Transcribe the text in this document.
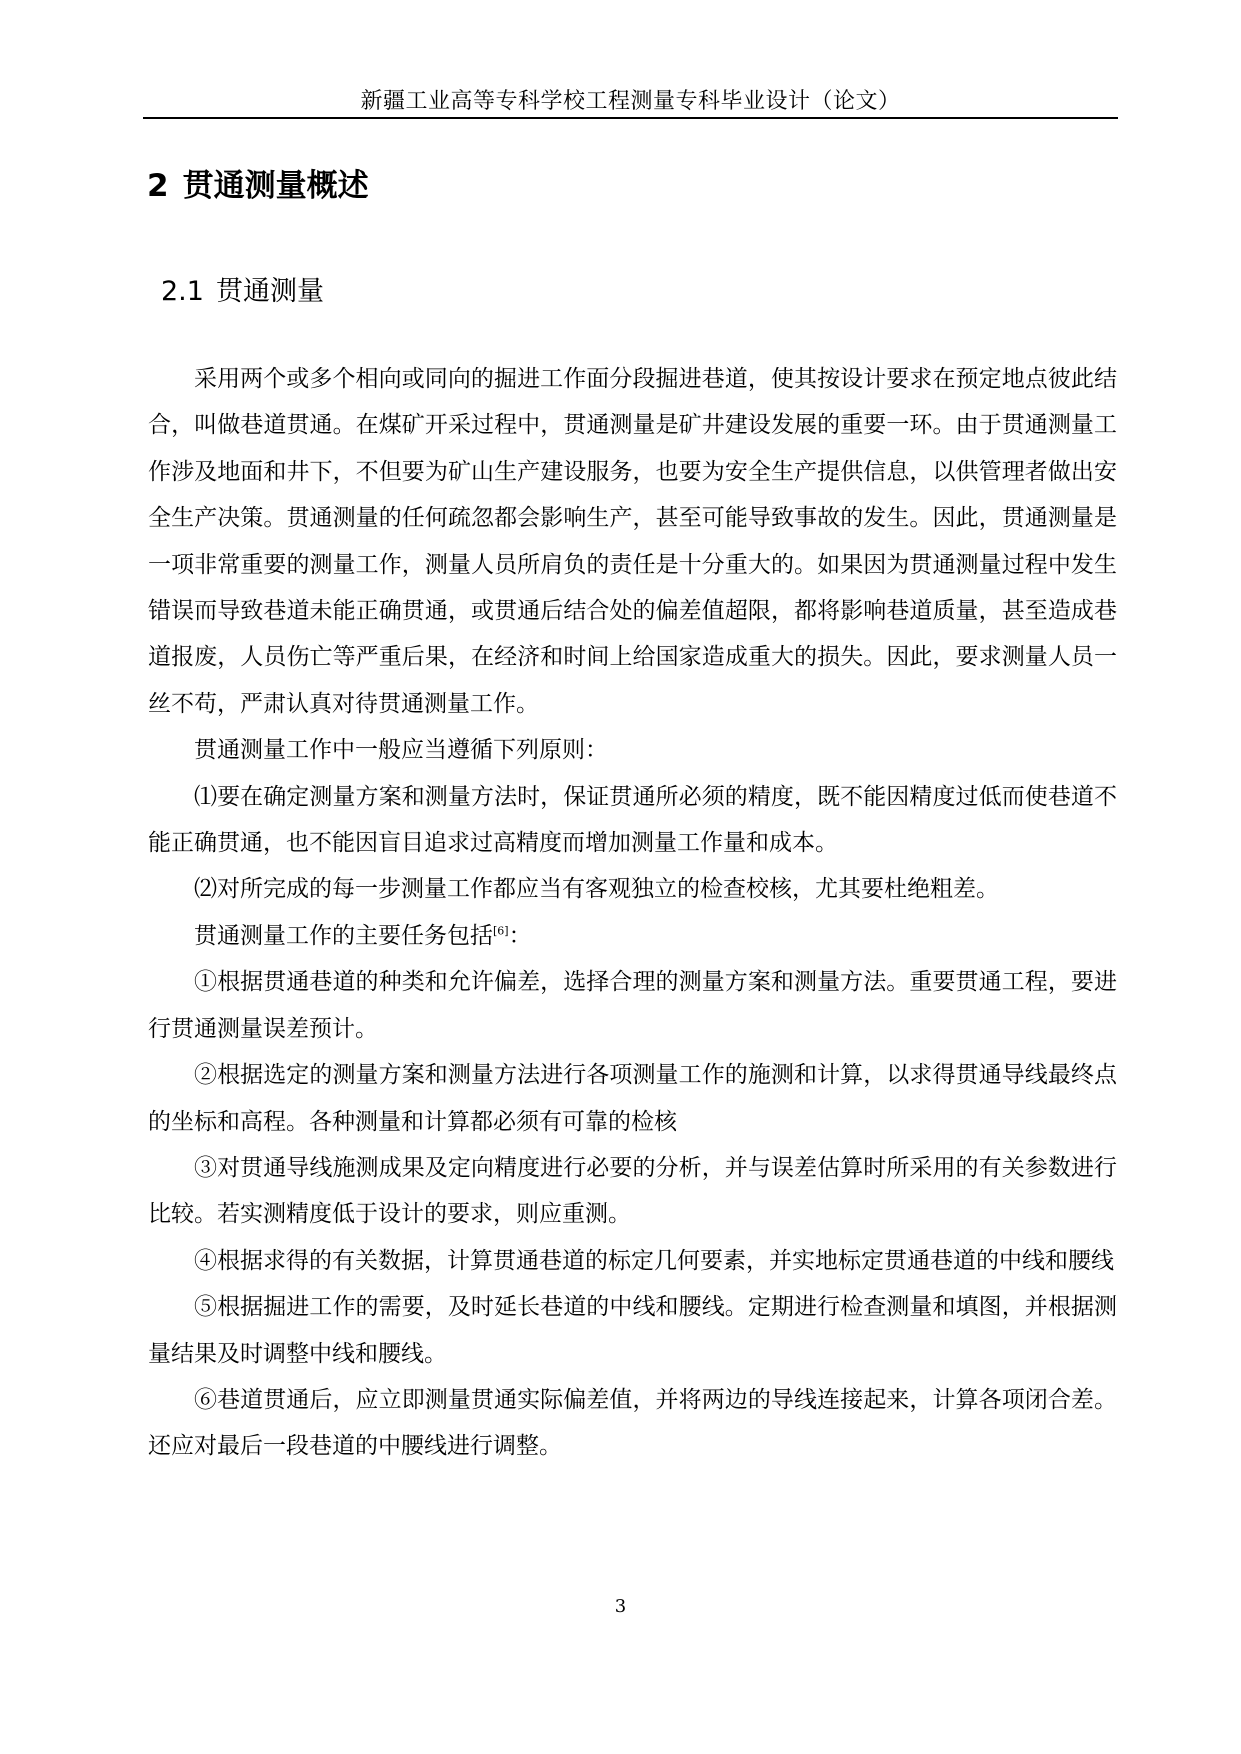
新疆工业高等专科学校工程测量专科毕业设计（论文）
2 贯通测量概述
2.1 贯通测量

采用两个或多个相向或同向的掘进工作面分段掘进巷道，使其按设计要求在预定地点彼此结合，叫做巷道贯通。在煤矿开采过程中，贯通测量是矿井建设发展的重要一环。由于贯通测量工作涉及地面和井下，不但要为矿山生产建设服务，也要为安全生产提供信息，以供管理者做出安全生产决策。贯通测量的任何疏忽都会影响生产，甚至可能导致事故的发生。因此，贯通测量是一项非常重要的测量工作，测量人员所肩负的责任是十分重大的。如果因为贯通测量过程中发生错误而导致巷道未能正确贯通，或贯通后结合处的偏差值超限，都将影响巷道质量，甚至造成巷道报废，人员伤亡等严重后果，在经济和时间上给国家造成重大的损失。因此，要求测量人员一丝不苟，严肃认真对待贯通测量工作。

贯通测量工作中一般应当遵循下列原则：

⑴要在确定测量方案和测量方法时，保证贯通所必须的精度，既不能因精度过低而使巷道不能正确贯通，也不能因盲目追求过高精度而增加测量工作量和成本。

⑵对所完成的每一步测量工作都应当有客观独立的检查校核，尤其要杜绝粗差。

贯通测量工作的主要任务包括[6]：

①根据贯通巷道的种类和允许偏差，选择合理的测量方案和测量方法。重要贯通工程，要进行贯通测量误差预计。

②根据选定的测量方案和测量方法进行各项测量工作的施测和计算，以求得贯通导线最终点的坐标和高程。各种测量和计算都必须有可靠的检核

③对贯通导线施测成果及定向精度进行必要的分析，并与误差估算时所采用的有关参数进行比较。若实测精度低于设计的要求，则应重测。

④根据求得的有关数据，计算贯通巷道的标定几何要素，并实地标定贯通巷道的中线和腰线

⑤根据掘进工作的需要，及时延长巷道的中线和腰线。定期进行检查测量和填图，并根据测量结果及时调整中线和腰线。

⑥巷道贯通后，应立即测量贯通实际偏差值，并将两边的导线连接起来，计算各项闭合差。还应对最后一段巷道的中腰线进行调整。

3
